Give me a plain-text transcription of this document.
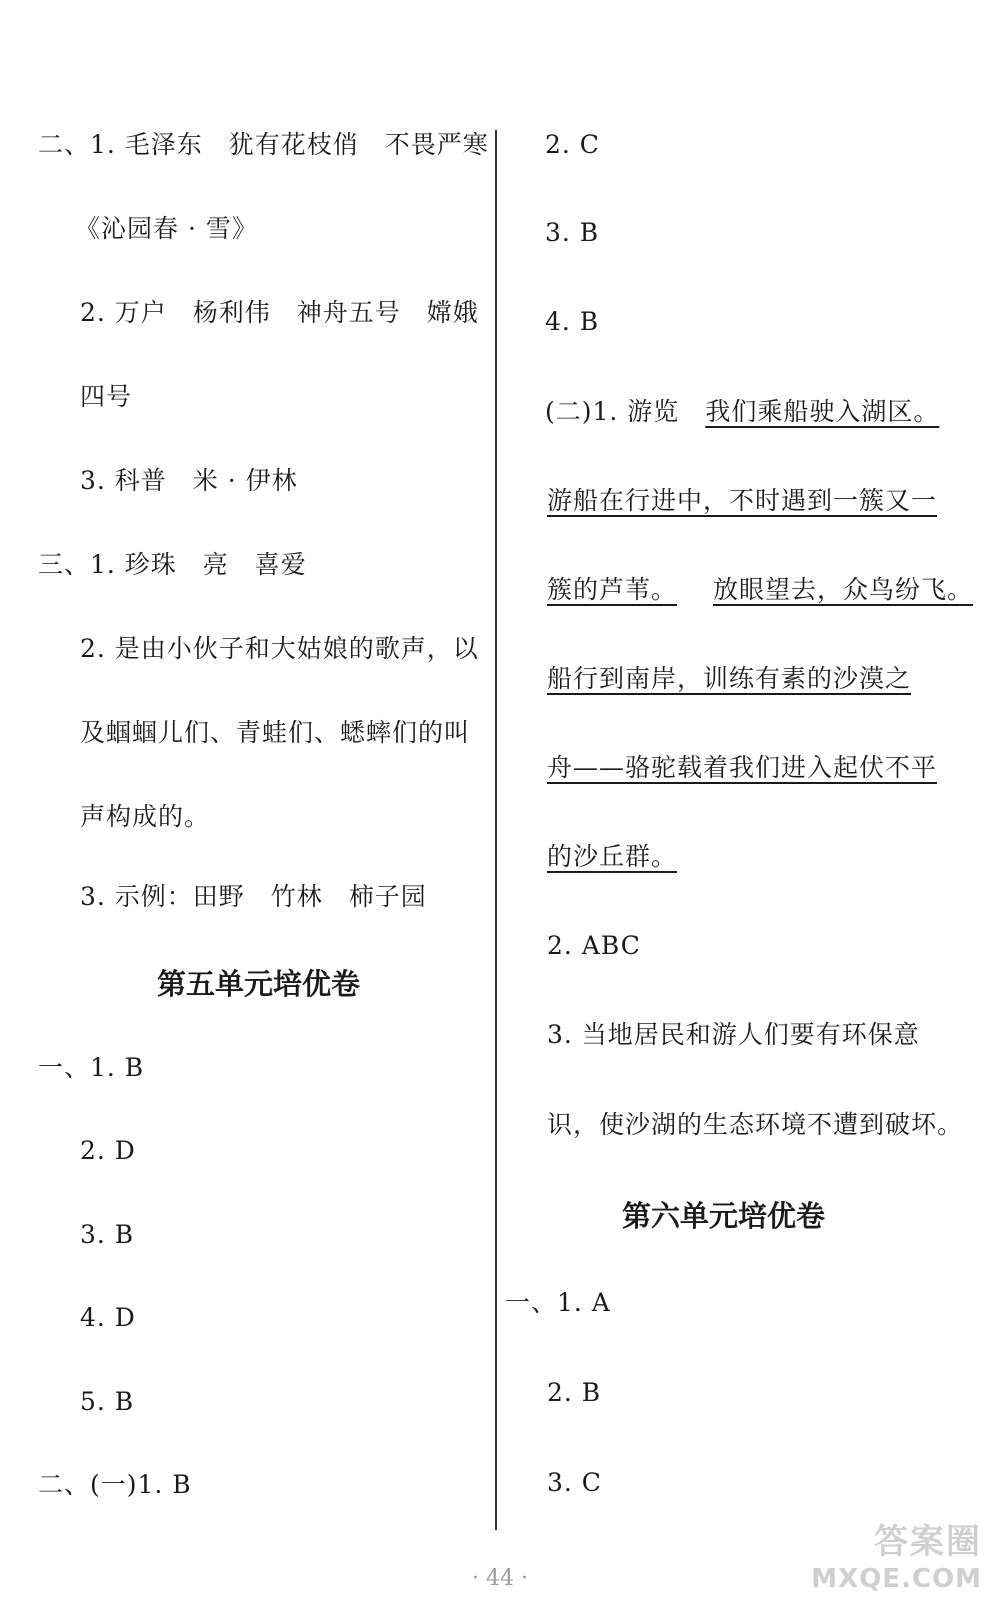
二、1. 毛泽东　犹有花枝俏　不畏严寒
《沁园春 · 雪》
2. 万户　杨利伟　神舟五号　嫦娥
四号
3. 科普　米 · 伊林
三、1. 珍珠　亮　喜爱
2. 是由小伙子和大姑娘的歌声，以
及蝈蝈儿们、青蛙们、蟋蟀们的叫
声构成的。
3. 示例：田野　竹林　柿子园
第五单元培优卷
一、1. B
2. D
3. B
4. D
5. B
二、(一)1. B
2. C
3. B
4. B
(二)1. 游览　我们乘船驶入湖区。
游船在行进中，不时遇到一簇又一
簇的芦苇。 放眼望去，众鸟纷飞。
船行到南岸，训练有素的沙漠之
舟——骆驼载着我们进入起伏不平
的沙丘群。
2. ABC
3. 当地居民和游人们要有环保意
识，使沙湖的生态环境不遭到破坏。
第六单元培优卷
一、1. A
2. B
3. C
· 44 ·
答案圈
MXQE.COM
